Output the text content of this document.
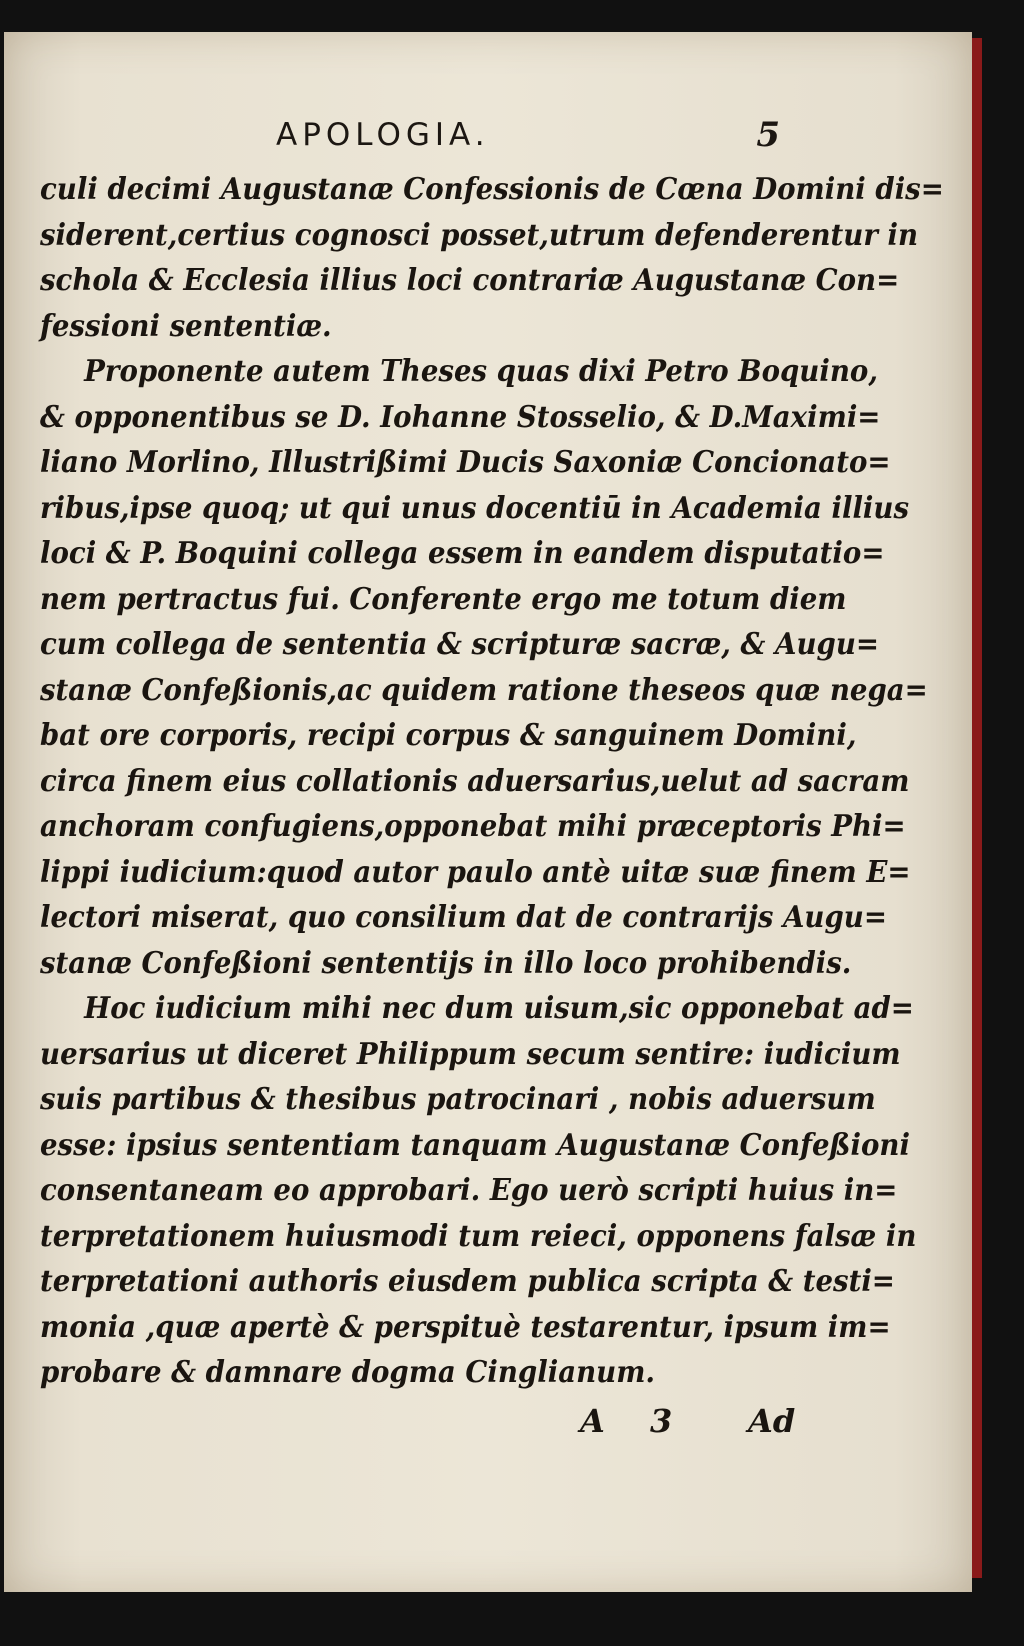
APOLOGIA.	5
culi decimi Augustanæ Confessionis de Cœna Domini dis=
siderent,certius cognosci posset,utrum defenderentur in
schola & Ecclesia illius loci contrariæ Augustanæ Con=
fessioni sententiæ.
Proponente autem Theses quas dixi Petro Boquino,
& opponentibus se D. Iohanne Stosselio, & D.Maximi=
liano Morlino, Illustrißimi Ducis Saxoniæ Concionato=
ribus,ipse quoq; ut qui unus docentiū in Academia illius
loci & P. Boquini collega essem in eandem disputatio=
nem pertractus fui. Conferente ergo me totum diem
cum collega de sententia & scripturæ sacræ, & Augu=
stanæ Confeßionis,ac quidem ratione theseos quæ nega=
bat ore corporis, recipi corpus & sanguinem Domini,
circa finem eius collationis aduersarius,uelut ad sacram
anchoram confugiens,opponebat mihi præceptoris Phi=
lippi iudicium:quod autor paulo antè uitæ suæ finem E=
lectori miserat, quo consilium dat de contrarijs Augu=
stanæ Confeßioni sententijs in illo loco prohibendis.
Hoc iudicium mihi nec dum uisum,sic opponebat ad=
uersarius ut diceret Philippum secum sentire: iudicium
suis partibus & thesibus patrocinari , nobis aduersum
esse: ipsius sententiam tanquam Augustanæ Confeßioni
consentaneam eo approbari. Ego uerò scripti huius in=
terpretationem huiusmodi tum reieci, opponens falsæ in
terpretationi authoris eiusdem publica scripta & testi=
monia ,quæ apertè & perspituè testarentur, ipsum im=
probare & damnare dogma Cinglianum.
A 3 Ad
